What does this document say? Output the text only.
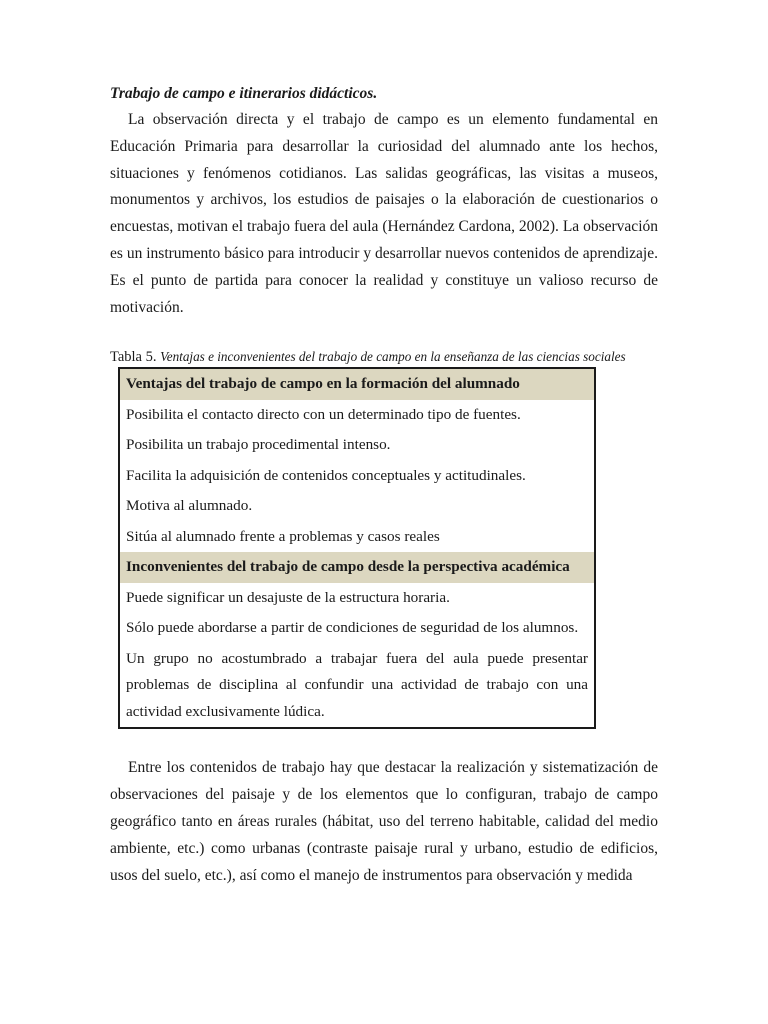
Trabajo de campo e itinerarios didácticos.

La observación directa y el trabajo de campo es un elemento fundamental en Educación Primaria para desarrollar la curiosidad del alumnado ante los hechos, situaciones y fenómenos cotidianos. Las salidas geográficas, las visitas a museos, monumentos y archivos, los estudios de paisajes o la elaboración de cuestionarios o encuestas, motivan el trabajo fuera del aula (Hernández Cardona, 2002). La observación es un instrumento básico para introducir y desarrollar nuevos contenidos de aprendizaje. Es el punto de partida para conocer la realidad y constituye un valioso recurso de motivación.

Tabla 5. Ventajas e inconvenientes del trabajo de campo en la enseñanza de las ciencias sociales
Ventajas del trabajo de campo en la formación del alumnado
Posibilita el contacto directo con un determinado tipo de fuentes.
Posibilita un trabajo procedimental intenso.
Facilita la adquisición de contenidos conceptuales y actitudinales.
Motiva al alumnado.
Sitúa al alumnado frente a problemas y casos reales
Inconvenientes del trabajo de campo desde la perspectiva académica
Puede significar un desajuste de la estructura horaria.
Sólo puede abordarse a partir de condiciones de seguridad de los alumnos.
Un grupo no acostumbrado a trabajar fuera del aula puede presentar problemas de disciplina al confundir una actividad de trabajo con una actividad exclusivamente lúdica.

Entre los contenidos de trabajo hay que destacar la realización y sistematización de observaciones del paisaje y de los elementos que lo configuran, trabajo de campo geográfico tanto en áreas rurales (hábitat, uso del terreno habitable, calidad del medio ambiente, etc.) como urbanas (contraste paisaje rural y urbano, estudio de edificios, usos del suelo, etc.), así como el manejo de instrumentos para observación y medida
